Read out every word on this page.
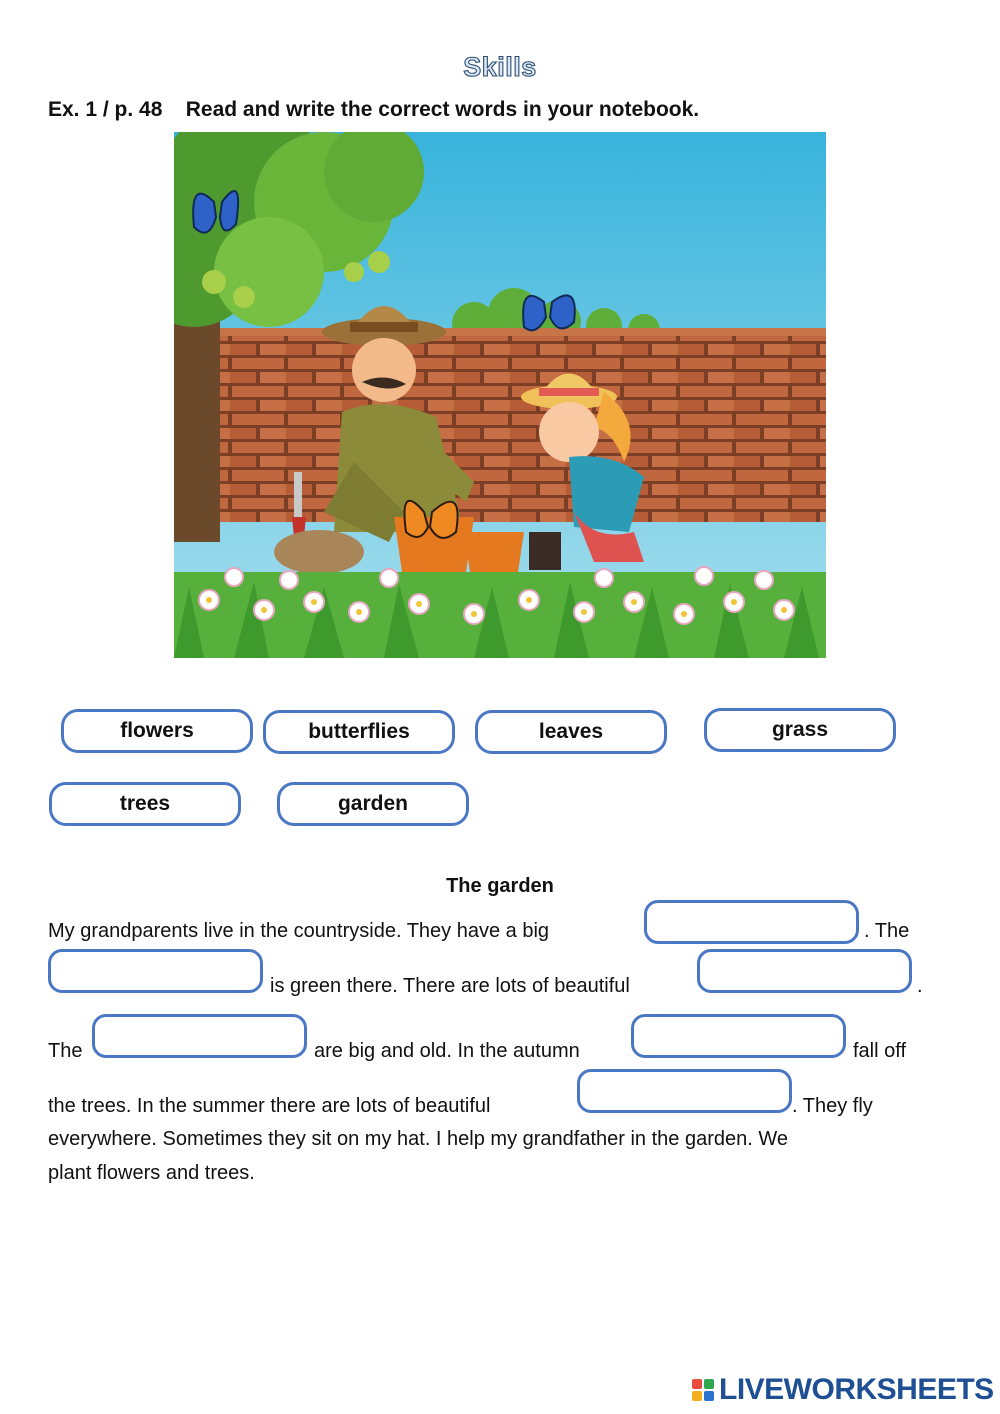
Skills
Ex. 1 / p. 48    Read and write the correct words in your notebook.
flowers	butterflies	leaves	grass
trees	garden
The garden
My grandparents live in the countryside. They have a big	. The
is green there. There are lots of beautiful	.
The	are big and old. In the autumn	fall off
the trees. In the summer there are lots of beautiful	. They fly
everywhere. Sometimes they sit on my hat. I help my grandfather in the garden. We
plant flowers and trees.
LIVEWORKSHEETS
